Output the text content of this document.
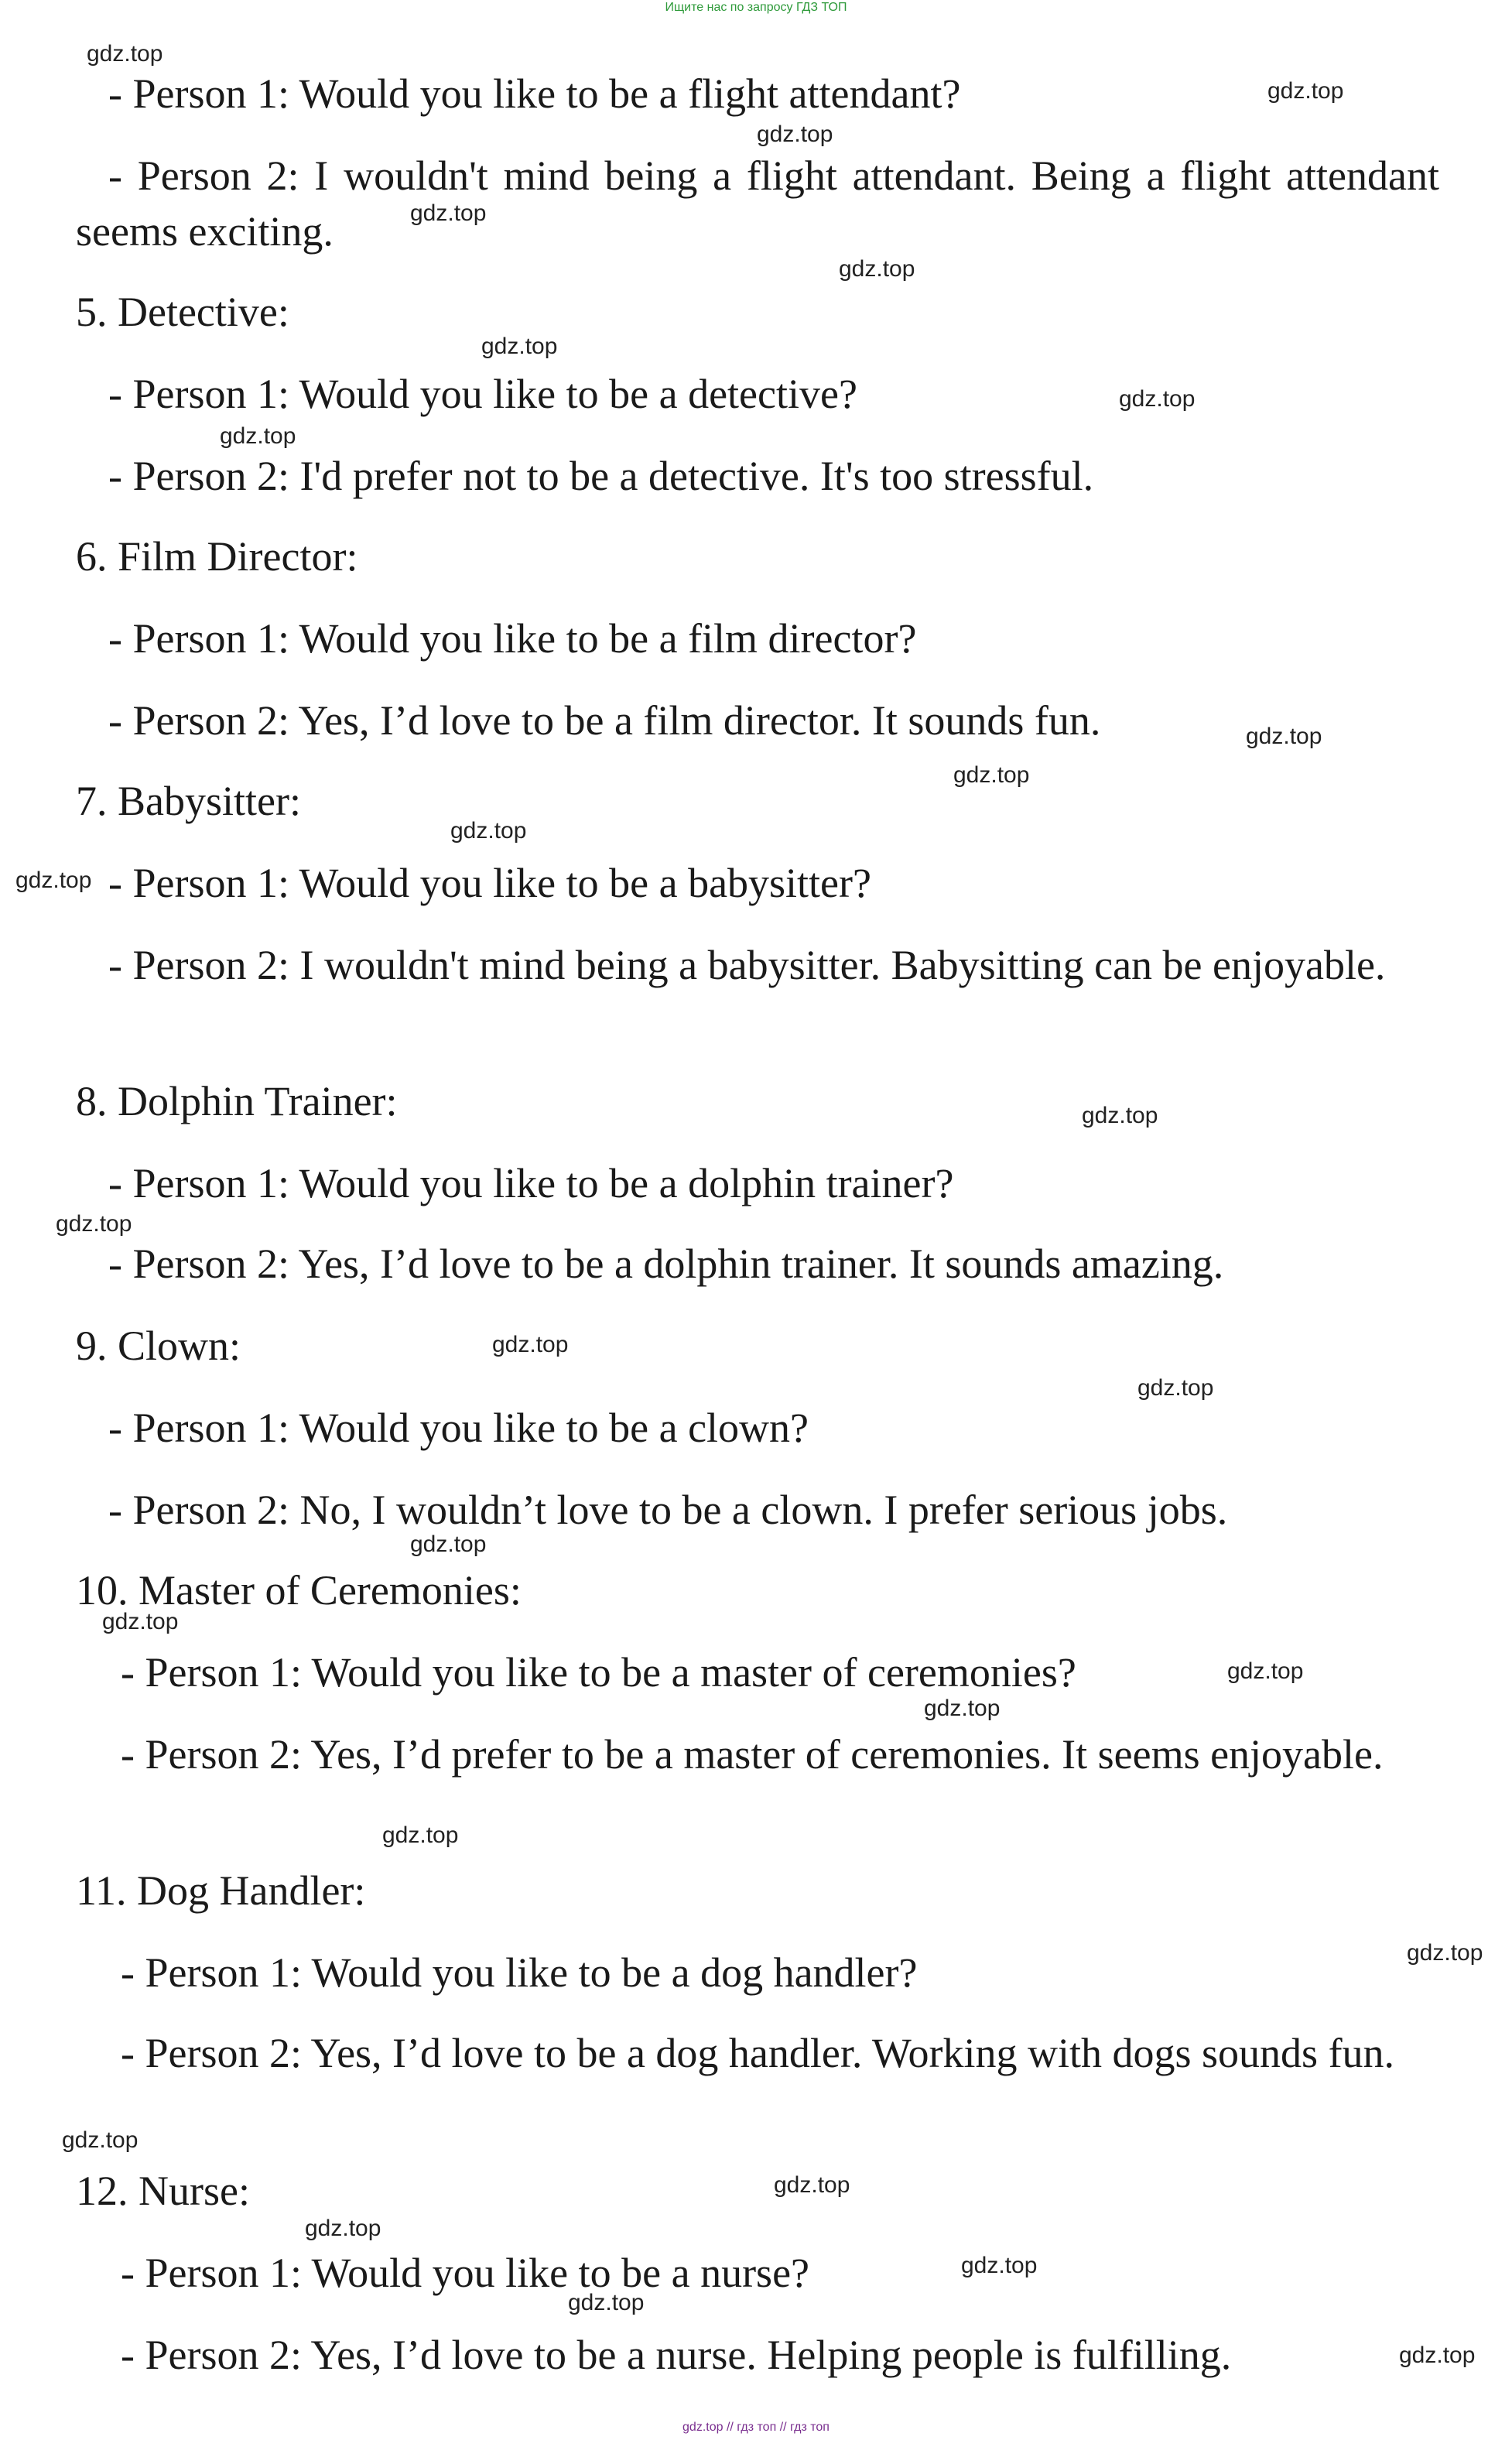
Ищите нас по запросу ГДЗ ТОП
- Person 1: Would you like to be a flight attendant?
- Person 2: I wouldn't mind being a flight attendant. Being a flight attendant seems exciting.
5. Detective:
- Person 1: Would you like to be a detective?
- Person 2: I'd prefer not to be a detective. It's too stressful.
6. Film Director:
- Person 1: Would you like to be a film director?
- Person 2: Yes, I’d love to be a film director. It sounds fun.
7. Babysitter:
- Person 1: Would you like to be a babysitter?
- Person 2: I wouldn't mind being a babysitter. Babysitting can be enjoyable.
8. Dolphin Trainer:
- Person 1: Would you like to be a dolphin trainer?
- Person 2: Yes, I’d love to be a dolphin trainer. It sounds amazing.
9. Clown:
- Person 1: Would you like to be a clown?
- Person 2: No, I wouldn’t love to be a clown. I prefer serious jobs.
10. Master of Ceremonies:
- Person 1: Would you like to be a master of ceremonies?
- Person 2: Yes, I’d prefer to be a master of ceremonies. It seems enjoyable.
11. Dog Handler:
- Person 1: Would you like to be a dog handler?
- Person 2: Yes, I’d love to be a dog handler. Working with dogs sounds fun.
12. Nurse:
- Person 1: Would you like to be a nurse?
- Person 2: Yes, I’d love to be a nurse. Helping people is fulfilling.
gdz.top
gdz.top
gdz.top
gdz.top
gdz.top
gdz.top
gdz.top
gdz.top
gdz.top
gdz.top
gdz.top
gdz.top
gdz.top
gdz.top
gdz.top
gdz.top
gdz.top
gdz.top
gdz.top
gdz.top
gdz.top
gdz.top
gdz.top
gdz.top
gdz.top
gdz.top
gdz.top
gdz.top
gdz.top // гдз топ // гдз топ
